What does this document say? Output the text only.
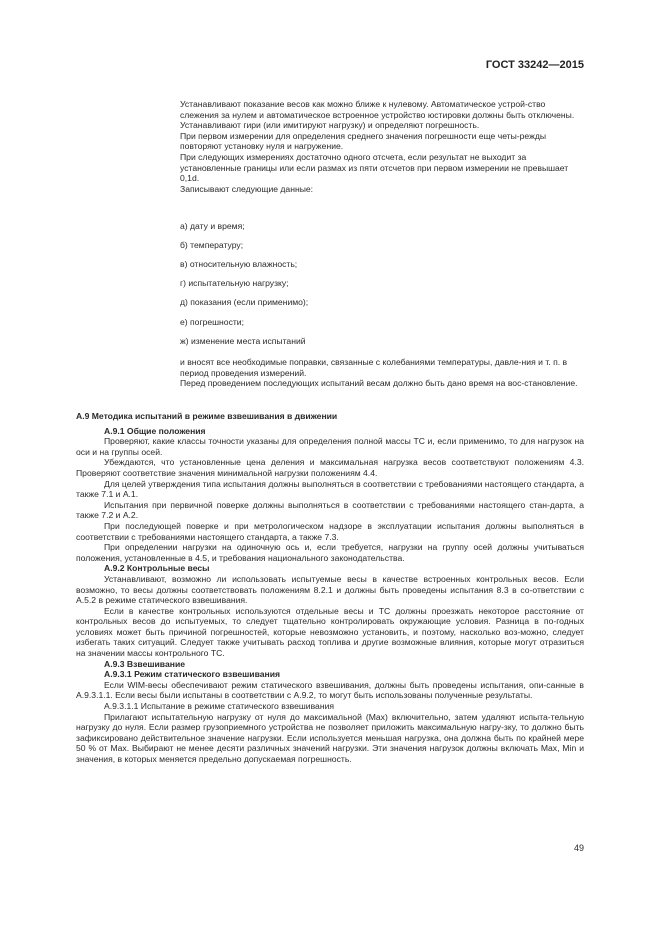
ГОСТ 33242—2015

Устанавливают показание весов как можно ближе к нулевому. Автоматическое устрой-ство слежения за нулем и автоматическое встроенное устройство юстировки должны быть отключены.

Устанавливают гири (или имитируют нагрузку) и определяют погрешность.

При первом измерении для определения среднего значения погрешности еще четы-режды повторяют установку нуля и нагружение.

При следующих измерениях достаточно одного отсчета, если результат не выходит за установленные границы или если размах из пяти отсчетов при первом измерении не превышает 0,1d.

Записывают следующие данные:

а) дату и время;
б) температуру;
в) относительную влажность;
г) испытательную нагрузку;
д) показания (если применимо);
е) погрешности;
ж) изменение места испытаний

и вносят все необходимые поправки, связанные с колебаниями температуры, давле-ния и т. п. в период проведения измерений.

Перед проведением последующих испытаний весам должно быть дано время на вос-становление.

А.9 Методика испытаний в режиме взвешивания в движении

А.9.1 Общие положения

Проверяют, какие классы точности указаны для определения полной массы ТС и, если применимо, то для нагрузок на оси и на группы осей.

Убеждаются, что установленные цена деления и максимальная нагрузка весов соответствуют положениям 4.3. Проверяют соответствие значения минимальной нагрузки положениям 4.4.

Для целей утверждения типа испытания должны выполняться в соответствии с требованиями настоящего стандарта, а также 7.1 и А.1.

Испытания при первичной поверке должны выполняться в соответствии с требованиями настоящего стан-дарта, а также 7.2 и А.2.

При последующей поверке и при метрологическом надзоре в эксплуатации испытания должны выполняться в соответствии с требованиями настоящего стандарта, а также 7.3.

При определении нагрузки на одиночную ось и, если требуется, нагрузки на группу осей должны учитываться положения, установленные в 4.5, и требования национального законодательства.

А.9.2 Контрольные весы

Устанавливают, возможно ли использовать испытуемые весы в качестве встроенных контрольных весов. Если возможно, то весы должны соответствовать положениям 8.2.1 и должны быть проведены испытания 8.3 в со-ответствии с А.5.2 в режиме статического взвешивания.

Если в качестве контрольных используются отдельные весы и ТС должны проезжать некоторое расстояние от контрольных весов до испытуемых, то следует тщательно контролировать окружающие условия. Разница в по-годных условиях может быть причиной погрешностей, которые невозможно установить, и поэтому, насколько воз-можно, следует избегать таких ситуаций. Следует также учитывать расход топлива и другие возможные влияния, которые могут отразиться на значении массы контрольного ТС.

А.9.3 Взвешивание

А.9.3.1 Режим статического взвешивания

Если WIM-весы обеспечивают режим статического взвешивания, должны быть проведены испытания, опи-санные в А.9.3.1.1. Если весы были испытаны в соответствии с А.9.2, то могут быть использованы полученные результаты.

А.9.3.1.1 Испытание в режиме статического взвешивания

Прилагают испытательную нагрузку от нуля до максимальной (Max) включительно, затем удаляют испыта-тельную нагрузку до нуля. Если размер грузоприемного устройства не позволяет приложить максимальную нагру-зку, то должно быть зафиксировано действительное значение нагрузки. Если используется меньшая нагрузка, она должна быть по крайней мере 50 % от Max. Выбирают не менее десяти различных значений нагрузки. Эти значения нагрузок должны включать Max, Min и значения, в которых меняется предельно допускаемая погрешность.

49
